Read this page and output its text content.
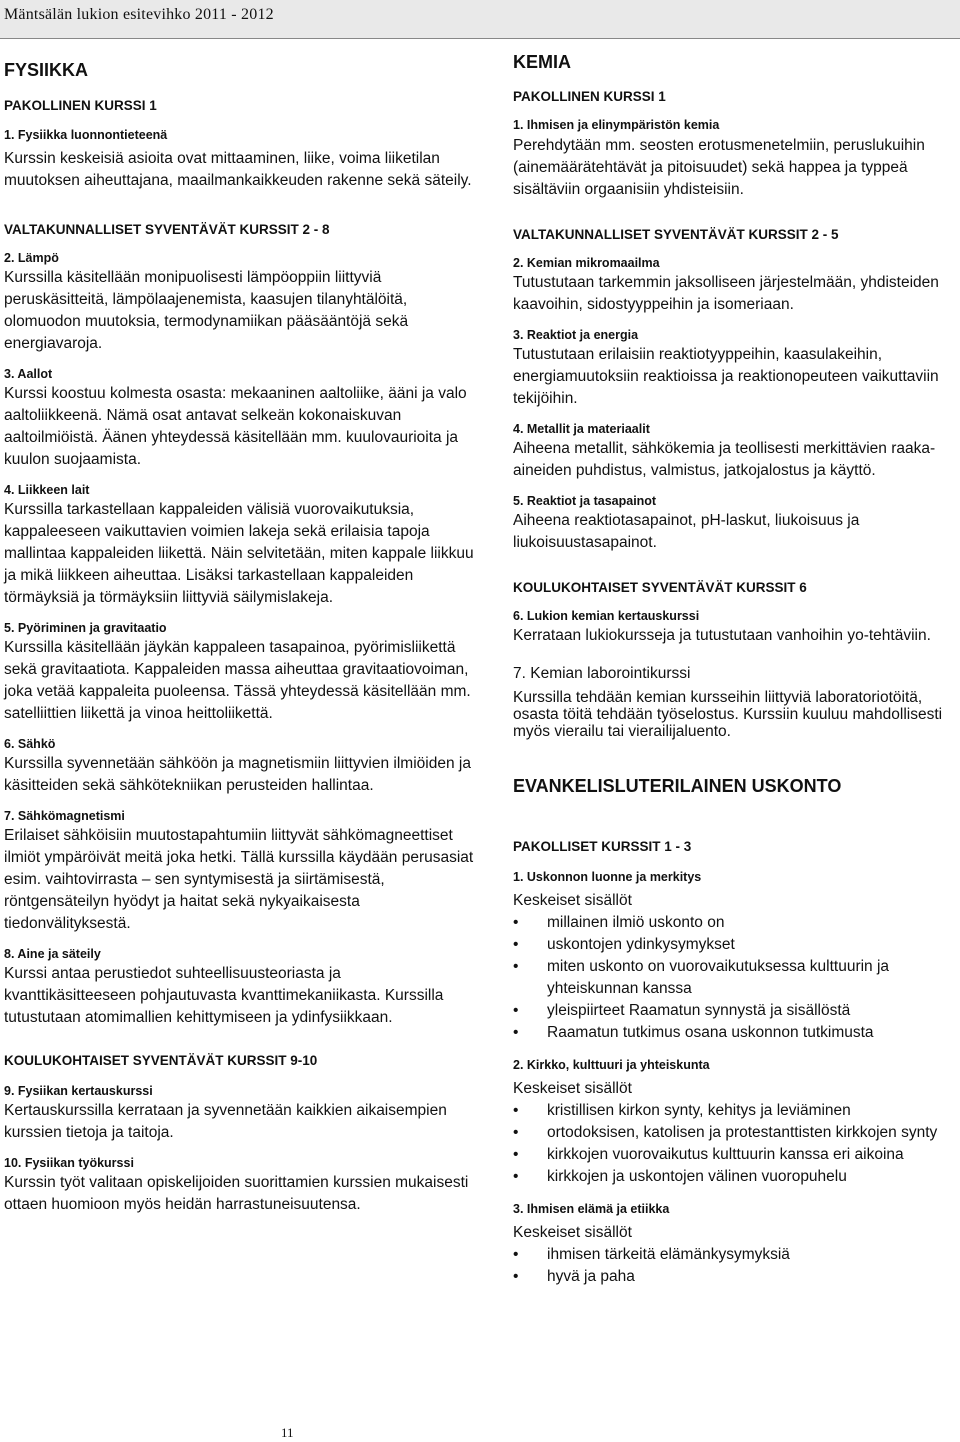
Mäntsälän lukion esitevihko 2011 - 2012
FYSIIKKA
PAKOLLINEN KURSSI 1
1. Fysiikka luonnontieteenä

Kurssin keskeisiä asioita ovat mittaaminen, liike, voima liiketilan muutoksen aiheuttajana, maailmankaikkeuden rakenne sekä säteily.

VALTAKUNNALLISET SYVENTÄVÄT KURSSIT 2 - 8
2. Lämpö

Kurssilla käsitellään monipuolisesti lämpöoppiin liittyviä peruskäsitteitä, lämpölaajenemista, kaasujen tilanyhtälöitä, olomuodon muutoksia, termodynamiikan pääsääntöjä sekä energiavaroja.

3. Aallot

Kurssi koostuu kolmesta osasta: mekaaninen aaltoliike, ääni ja valo aaltoliikkeenä. Nämä osat antavat selkeän kokonaiskuvan aaltoilmiöistä. Äänen yhteydessä käsitellään mm. kuulovaurioita ja kuulon suojaamista.

4. Liikkeen lait

Kurssilla tarkastellaan kappaleiden välisiä vuorovaikutuksia, kappaleeseen vaikuttavien voimien lakeja sekä erilaisia tapoja mallintaa kappaleiden liikettä. Näin selvitetään, miten kappale liikkuu ja mikä liikkeen aiheuttaa. Lisäksi tarkastellaan kappaleiden törmäyksiä ja törmäyksiin liittyviä säilymislakeja.

5. Pyöriminen ja gravitaatio

Kurssilla käsitellään jäykän kappaleen tasapainoa, pyörimisliikettä sekä gravitaatiota. Kappaleiden massa aiheuttaa gravitaatiovoiman, joka vetää kappaleita puoleensa. Tässä yhteydessä käsitellään mm. satelliittien liikettä ja vinoa heittoliikettä.

6. Sähkö

Kurssilla syvennetään sähköön ja magnetismiin liittyvien ilmiöiden ja käsitteiden sekä sähkötekniikan perusteiden hallintaa.

7. Sähkömagnetismi

Erilaiset sähköisiin muutostapahtumiin liittyvät sähkömagneettiset ilmiöt ympäröivät meitä joka hetki. Tällä kurssilla käydään perusasiat esim. vaihtovirrasta – sen syntymisestä ja siirtämisestä, röntgensäteilyn hyödyt ja haitat sekä nykyaikaisesta tiedonvälityksestä.

8. Aine ja säteily

Kurssi antaa perustiedot suhteellisuusteoriasta ja kvanttikäsitteeseen pohjautuvasta kvanttimekaniikasta. Kurssilla tutustutaan atomimallien kehittymiseen ja ydinfysiikkaan.

KOULUKOHTAISET SYVENTÄVÄT KURSSIT 9-10
9. Fysiikan kertauskurssi

Kertauskurssilla kerrataan ja syvennetään kaikkien aikaisempien kurssien tietoja ja taitoja.

10. Fysiikan työkurssi

Kurssin työt valitaan opiskelijoiden suorittamien kurssien mukaisesti ottaen huomioon myös heidän harrastuneisuutensa.

KEMIA
PAKOLLINEN KURSSI 1
1. Ihmisen ja elinympäristön kemia

Perehdytään mm. seosten erotusmenetelmiin, peruslukuihin (ainemäärätehtävät ja pitoisuudet) sekä happea ja typpeä sisältäviin orgaanisiin yhdisteisiin.

VALTAKUNNALLISET SYVENTÄVÄT KURSSIT 2 - 5
2. Kemian mikromaailma

Tutustutaan tarkemmin jaksolliseen järjestelmään, yhdisteiden kaavoihin, sidostyyppeihin ja isomeriaan.

3. Reaktiot ja energia

Tutustutaan erilaisiin reaktiotyyppeihin, kaasulakeihin, energiamuutoksiin reaktioissa ja reaktionopeuteen vaikuttaviin tekijöihin.

4. Metallit ja materiaalit

Aiheena metallit, sähkökemia ja teollisesti merkittävien raaka-aineiden puhdistus, valmistus, jatkojalostus ja käyttö.

5. Reaktiot ja tasapainot

Aiheena reaktiotasapainot, pH-laskut, liukoisuus ja liukoisuustasapainot.

KOULUKOHTAISET SYVENTÄVÄT KURSSIT 6
6. Lukion kemian kertauskurssi

Kerrataan lukiokursseja ja tutustutaan vanhoihin yo-tehtäviin.

7. Kemian laborointikurssi

Kurssilla tehdään kemian kursseihin liittyviä laboratoriotöitä, osasta töitä tehdään työselostus. Kurssiin kuuluu mahdollisesti myös vierailu tai vierailijaluento.

EVANKELISLUTERILAINEN USKONTO
PAKOLLISET KURSSIT 1 - 3
1. Uskonnon luonne ja merkitys

Keskeiset sisällöt

• millainen ilmiö uskonto on
• uskontojen ydinkysymykset
• miten uskonto on vuorovaikutuksessa kulttuurin ja yhteiskunnan kanssa
• yleispiirteet Raamatun synnystä ja sisällöstä
• Raamatun tutkimus osana uskonnon tutkimusta
2. Kirkko, kulttuuri ja yhteiskunta

Keskeiset sisällöt

• kristillisen kirkon synty, kehitys ja leviäminen
• ortodoksisen, katolisen ja protestanttisten kirkkojen synty
• kirkkojen vuorovaikutus kulttuurin kanssa eri aikoina
• kirkkojen ja uskontojen välinen vuoropuhelu
3. Ihmisen elämä ja etiikka

Keskeiset sisällöt

• ihmisen tärkeitä elämänkysymyksiä
• hyvä ja paha
11
